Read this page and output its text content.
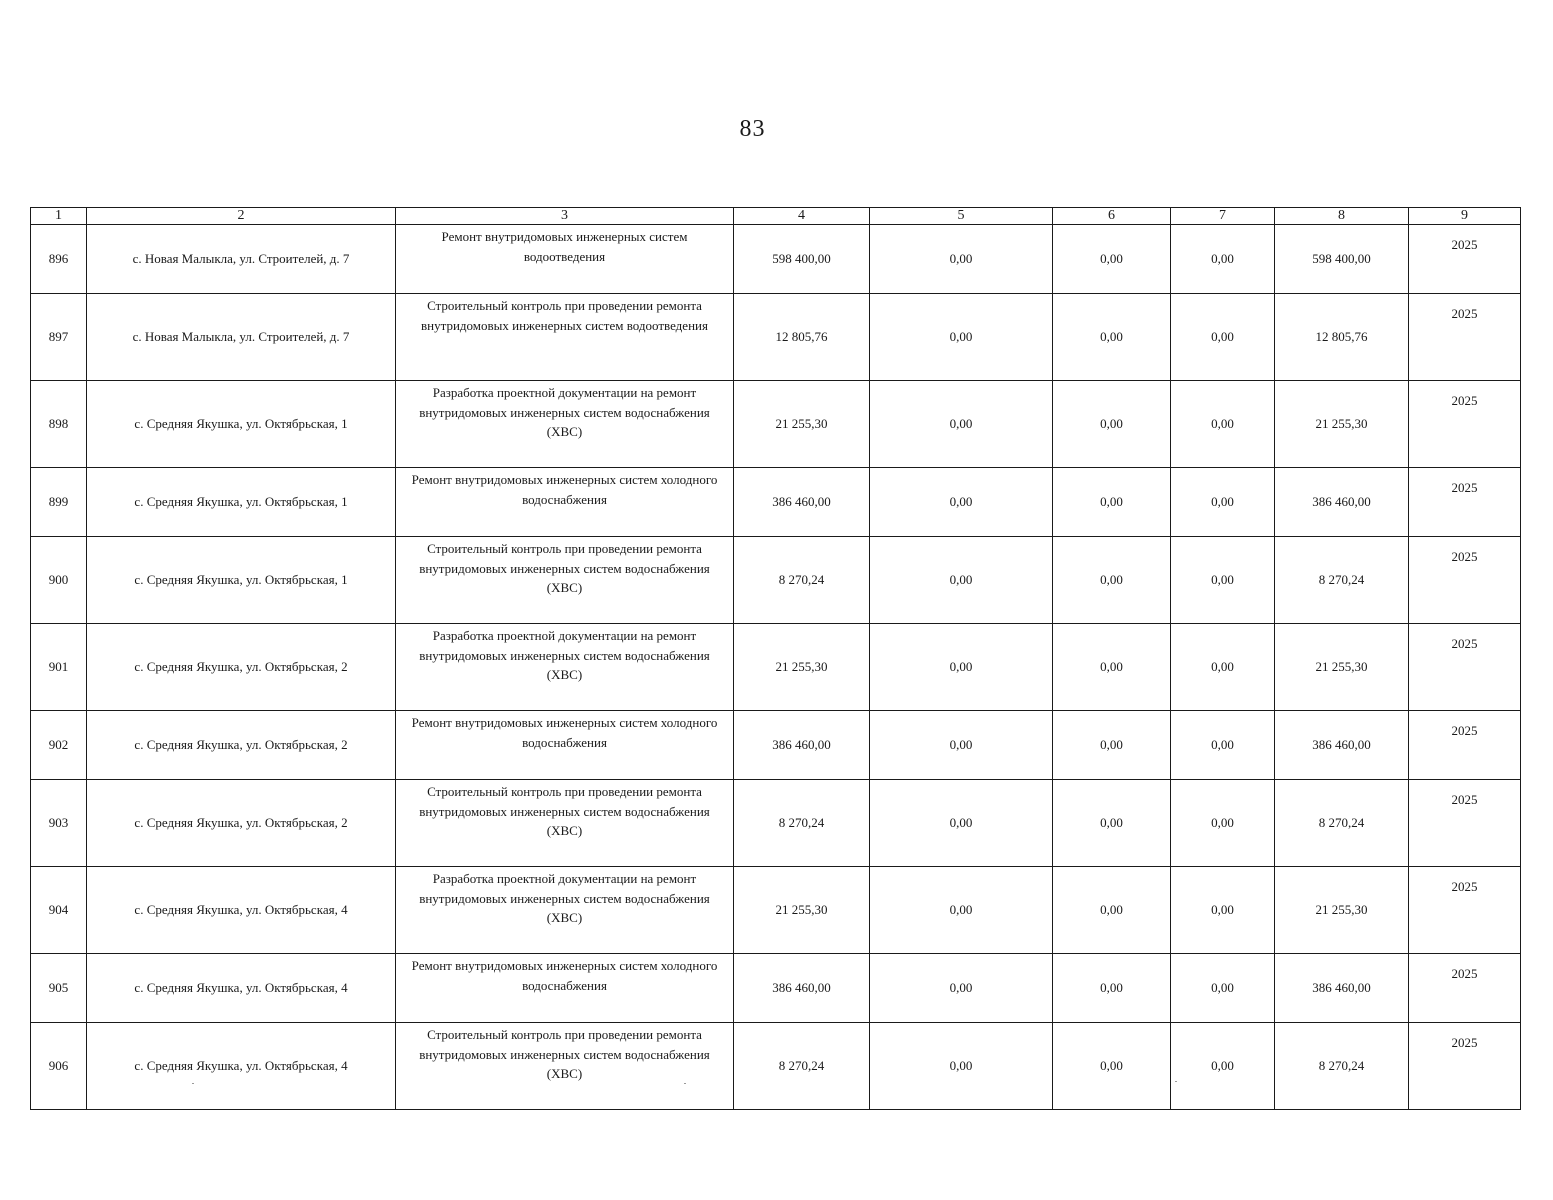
83
1	2	3	4	5	6	7	8	9
896	с. Новая Малыкла, ул. Строителей, д. 7	Ремонт внутридомовых инженерных систем водоотведения	598 400,00	0,00	0,00	0,00	598 400,00	2025
897	с. Новая Малыкла, ул. Строителей, д. 7	Строительный контроль при проведении ремонта внутридомовых инженерных систем водоотведения	12 805,76	0,00	0,00	0,00	12 805,76	2025
898	с. Средняя Якушка, ул. Октябрьская, 1	Разработка проектной документации на ремонт внутридомовых инженерных систем водоснабжения (ХВС)	21 255,30	0,00	0,00	0,00	21 255,30	2025
899	с. Средняя Якушка, ул. Октябрьская, 1	Ремонт внутридомовых инженерных систем холодного водоснабжения	386 460,00	0,00	0,00	0,00	386 460,00	2025
900	с. Средняя Якушка, ул. Октябрьская, 1	Строительный контроль при проведении ремонта внутридомовых инженерных систем водоснабжения (ХВС)	8 270,24	0,00	0,00	0,00	8 270,24	2025
901	с. Средняя Якушка, ул. Октябрьская, 2	Разработка проектной документации на ремонт внутридомовых инженерных систем водоснабжения (ХВС)	21 255,30	0,00	0,00	0,00	21 255,30	2025
902	с. Средняя Якушка, ул. Октябрьская, 2	Ремонт внутридомовых инженерных систем холодного водоснабжения	386 460,00	0,00	0,00	0,00	386 460,00	2025
903	с. Средняя Якушка, ул. Октябрьская, 2	Строительный контроль при проведении ремонта внутридомовых инженерных систем водоснабжения (ХВС)	8 270,24	0,00	0,00	0,00	8 270,24	2025
904	с. Средняя Якушка, ул. Октябрьская, 4	Разработка проектной документации на ремонт внутридомовых инженерных систем водоснабжения (ХВС)	21 255,30	0,00	0,00	0,00	21 255,30	2025
905	с. Средняя Якушка, ул. Октябрьская, 4	Ремонт внутридомовых инженерных систем холодного водоснабжения	386 460,00	0,00	0,00	0,00	386 460,00	2025
906	с. Средняя Якушка, ул. Октябрьская, 4	Строительный контроль при проведении ремонта внутридомовых инженерных систем водоснабжения (ХВС)	8 270,24	0,00	0,00	0,00	8 270,24	2025
